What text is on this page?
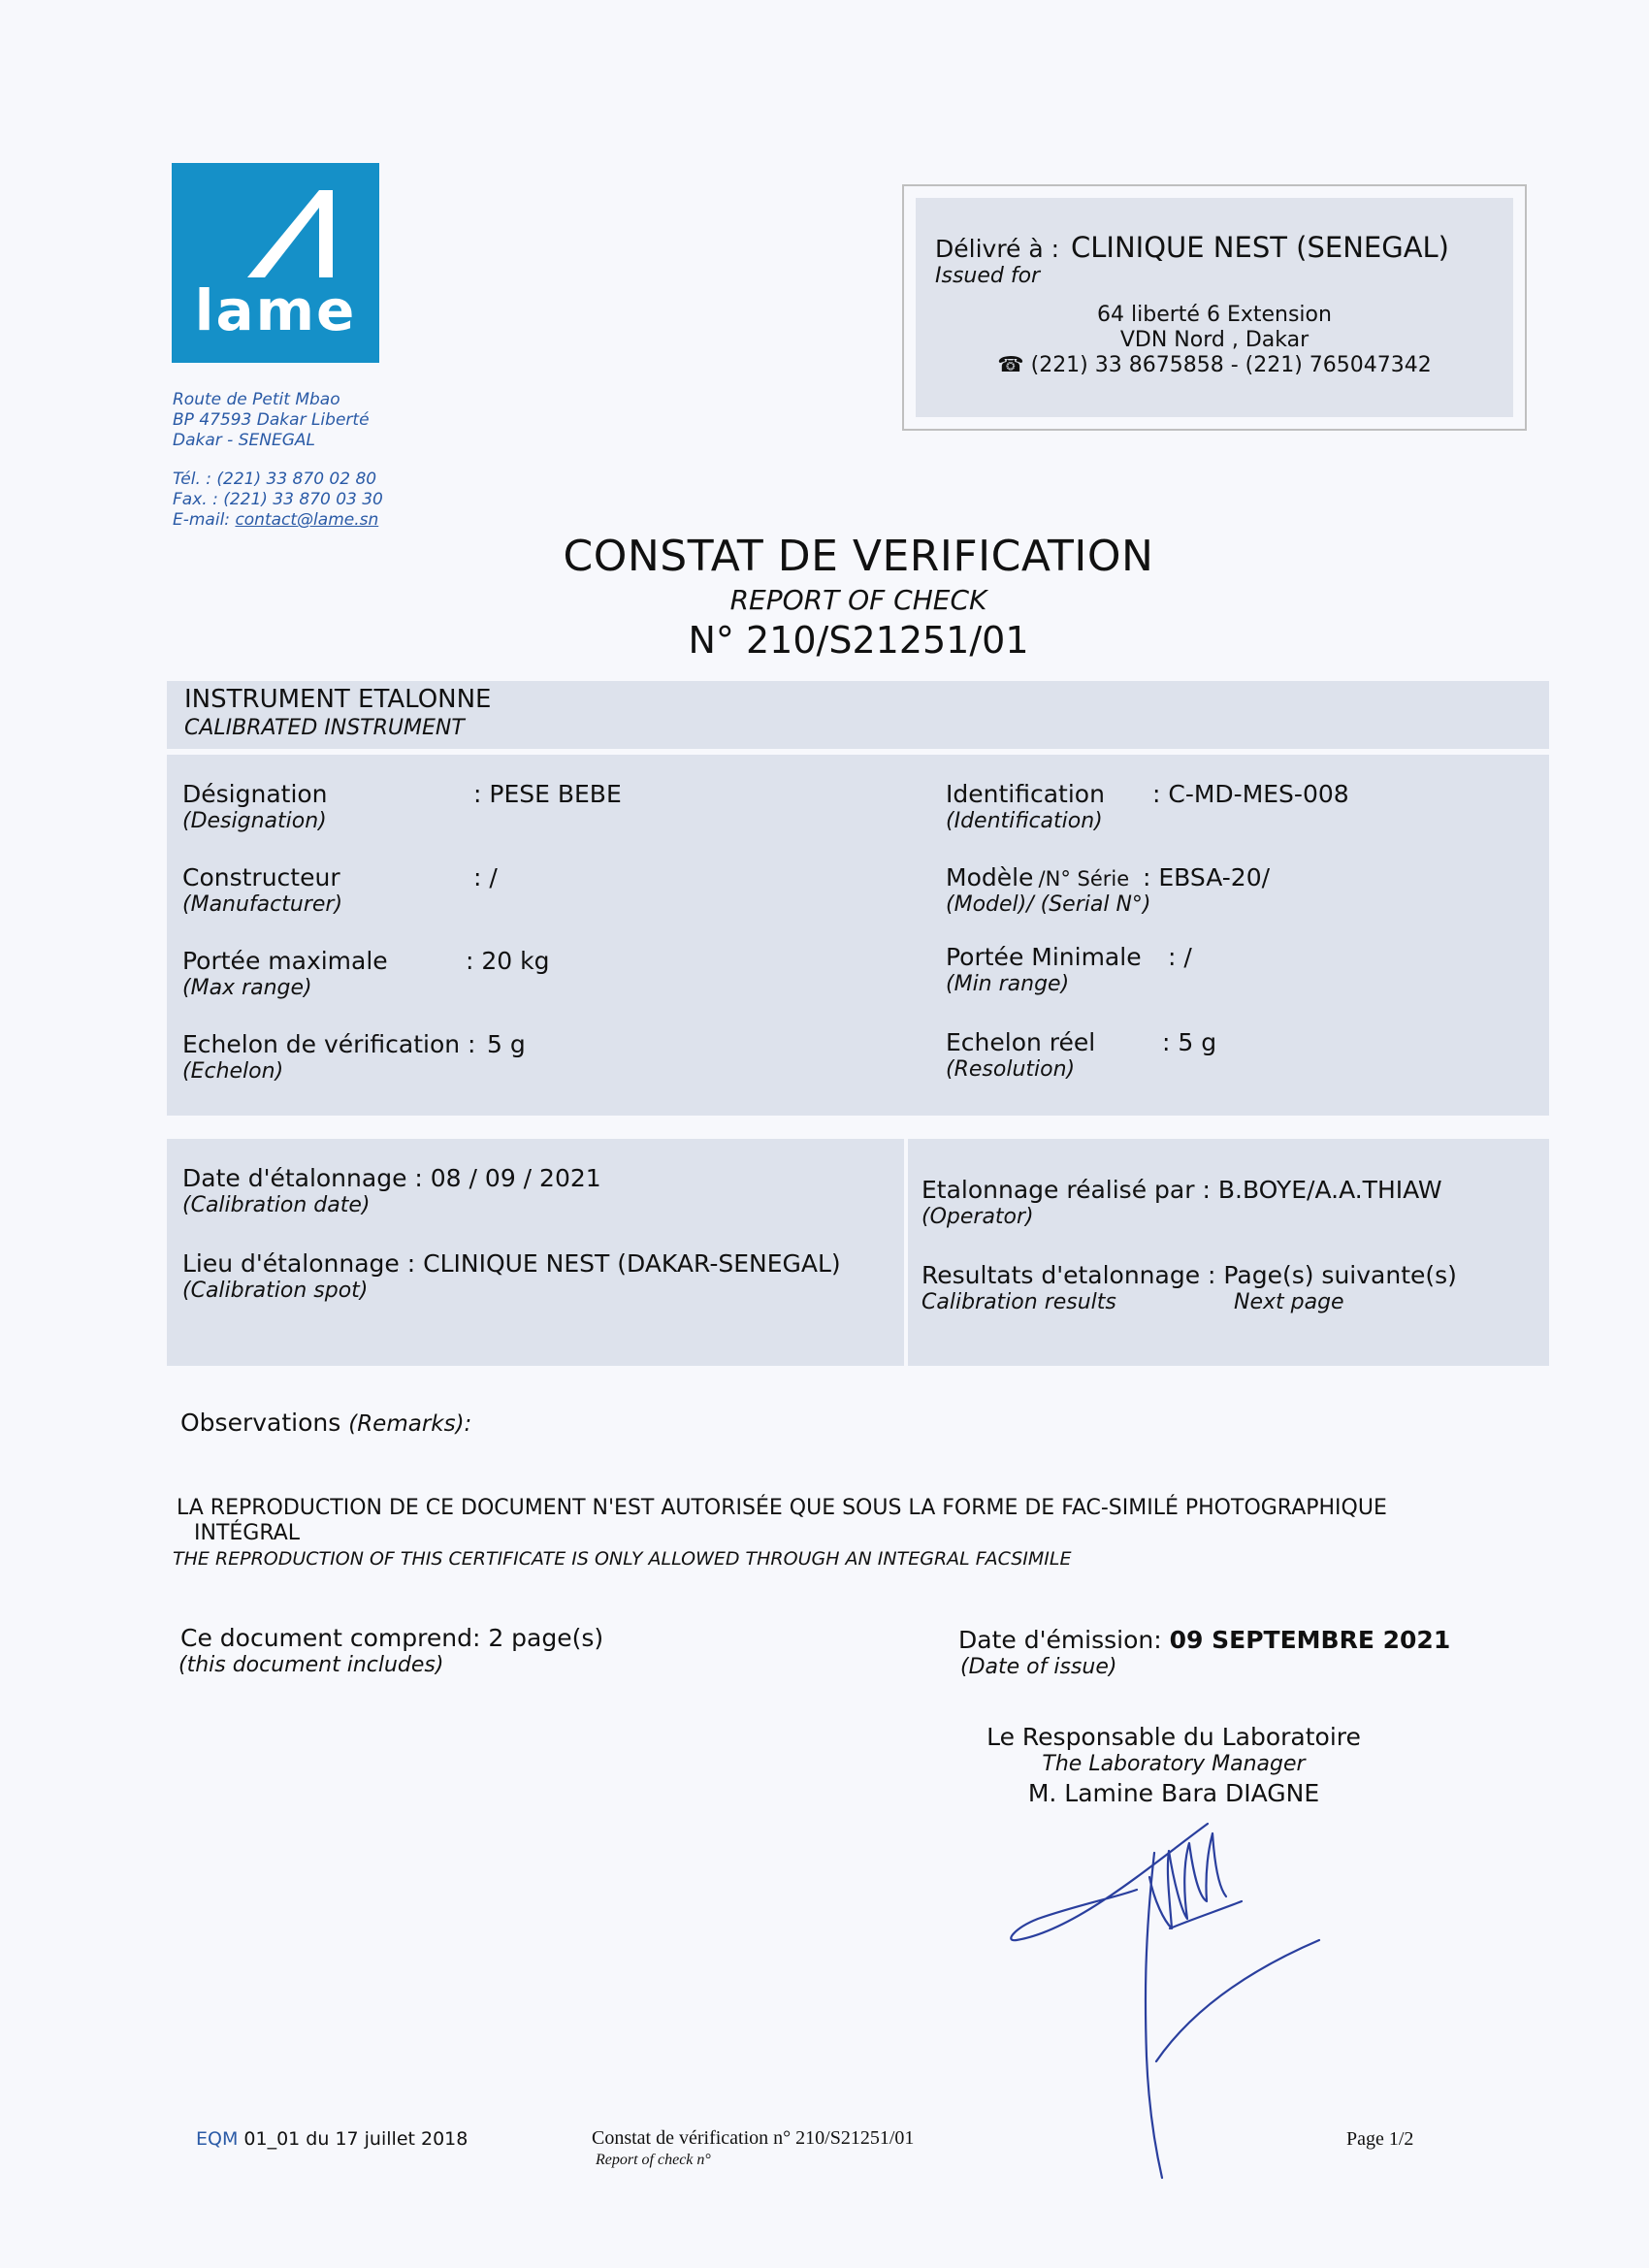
lame
Route de Petit Mbao
BP 47593 Dakar Liberté
Dakar - SENEGAL
Tél. : (221) 33 870 02 80
Fax. : (221) 33 870 03 30
E-mail: contact@lame.sn
Délivré à : CLINIQUE NEST (SENEGAL)
Issued for
64 liberté 6 Extension
VDN Nord , Dakar
☎ (221) 33 8675858 - (221) 765047342
CONSTAT DE VERIFICATION
REPORT OF CHECK
N° 210/S21251/01
INSTRUMENT ETALONNE
CALIBRATED INSTRUMENT
Désignation
(Designation)
: PESE BEBE
Constructeur
(Manufacturer)
: /
Portée maximale
(Max range)
: 20 kg
Echelon de vérification :
(Echelon)
5 g
Identification
(Identification)
: C-MD-MES-008
Modèle /N° Série
(Model)/ (Serial N°)
: EBSA-20/
Portée Minimale
(Min range)
: /
Echelon réel
(Resolution)
: 5 g
Date d'étalonnage : 08 / 09 / 2021
(Calibration date)
Lieu d'étalonnage : CLINIQUE NEST (DAKAR-SENEGAL)
(Calibration spot)
Etalonnage réalisé par : B.BOYE/A.A.THIAW
(Operator)
Resultats d'etalonnage : Page(s) suivante(s)
Calibration results	Next page
Observations (Remarks):
LA REPRODUCTION DE CE DOCUMENT N'EST AUTORISÉE QUE SOUS LA FORME DE FAC-SIMILÉ PHOTOGRAPHIQUE
INTÉGRAL
THE REPRODUCTION OF THIS CERTIFICATE IS ONLY ALLOWED THROUGH AN INTEGRAL FACSIMILE
Ce document comprend: 2 page(s)
(this document includes)
Date d'émission: 09 SEPTEMBRE 2021
(Date of issue)
Le Responsable du Laboratoire
The Laboratory Manager
M. Lamine Bara DIAGNE
EQM 01_01 du 17 juillet 2018	Constat de vérification n° 210/S21251/01
Report of check n°
Page 1/2
